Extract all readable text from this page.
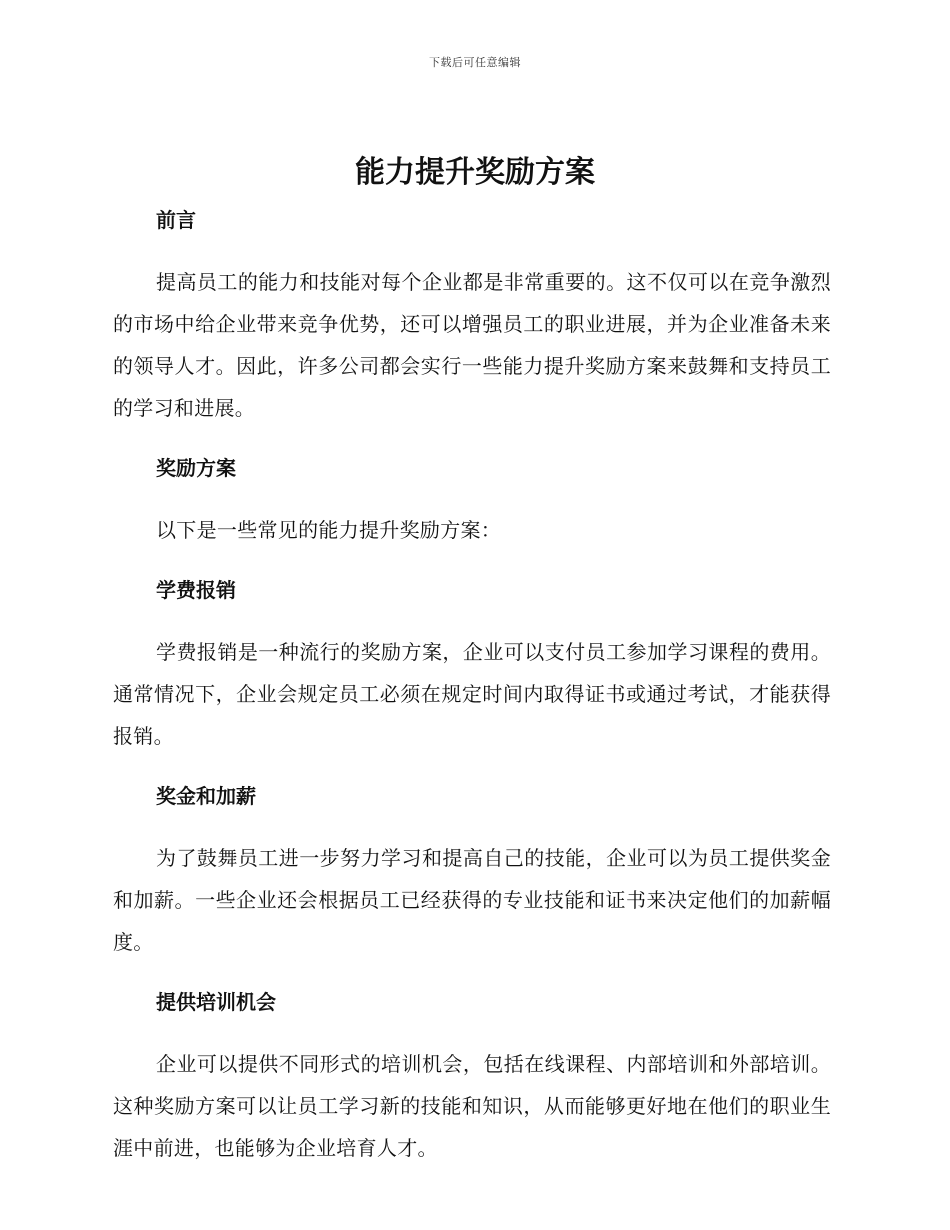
下载后可任意编辑
能力提升奖励方案
前言

提高员工的能力和技能对每个企业都是非常重要的。这不仅可以在竞争激烈的市场中给企业带来竞争优势，还可以增强员工的职业进展，并为企业准备未来的领导人才。因此，许多公司都会实行一些能力提升奖励方案来鼓舞和支持员工的学习和进展。

奖励方案

以下是一些常见的能力提升奖励方案：

学费报销

学费报销是一种流行的奖励方案，企业可以支付员工参加学习课程的费用。通常情况下，企业会规定员工必须在规定时间内取得证书或通过考试，才能获得报销。

奖金和加薪

为了鼓舞员工进一步努力学习和提高自己的技能，企业可以为员工提供奖金和加薪。一些企业还会根据员工已经获得的专业技能和证书来决定他们的加薪幅度。

提供培训机会

企业可以提供不同形式的培训机会，包括在线课程、内部培训和外部培训。这种奖励方案可以让员工学习新的技能和知识，从而能够更好地在他们的职业生涯中前进，也能够为企业培育人才。
